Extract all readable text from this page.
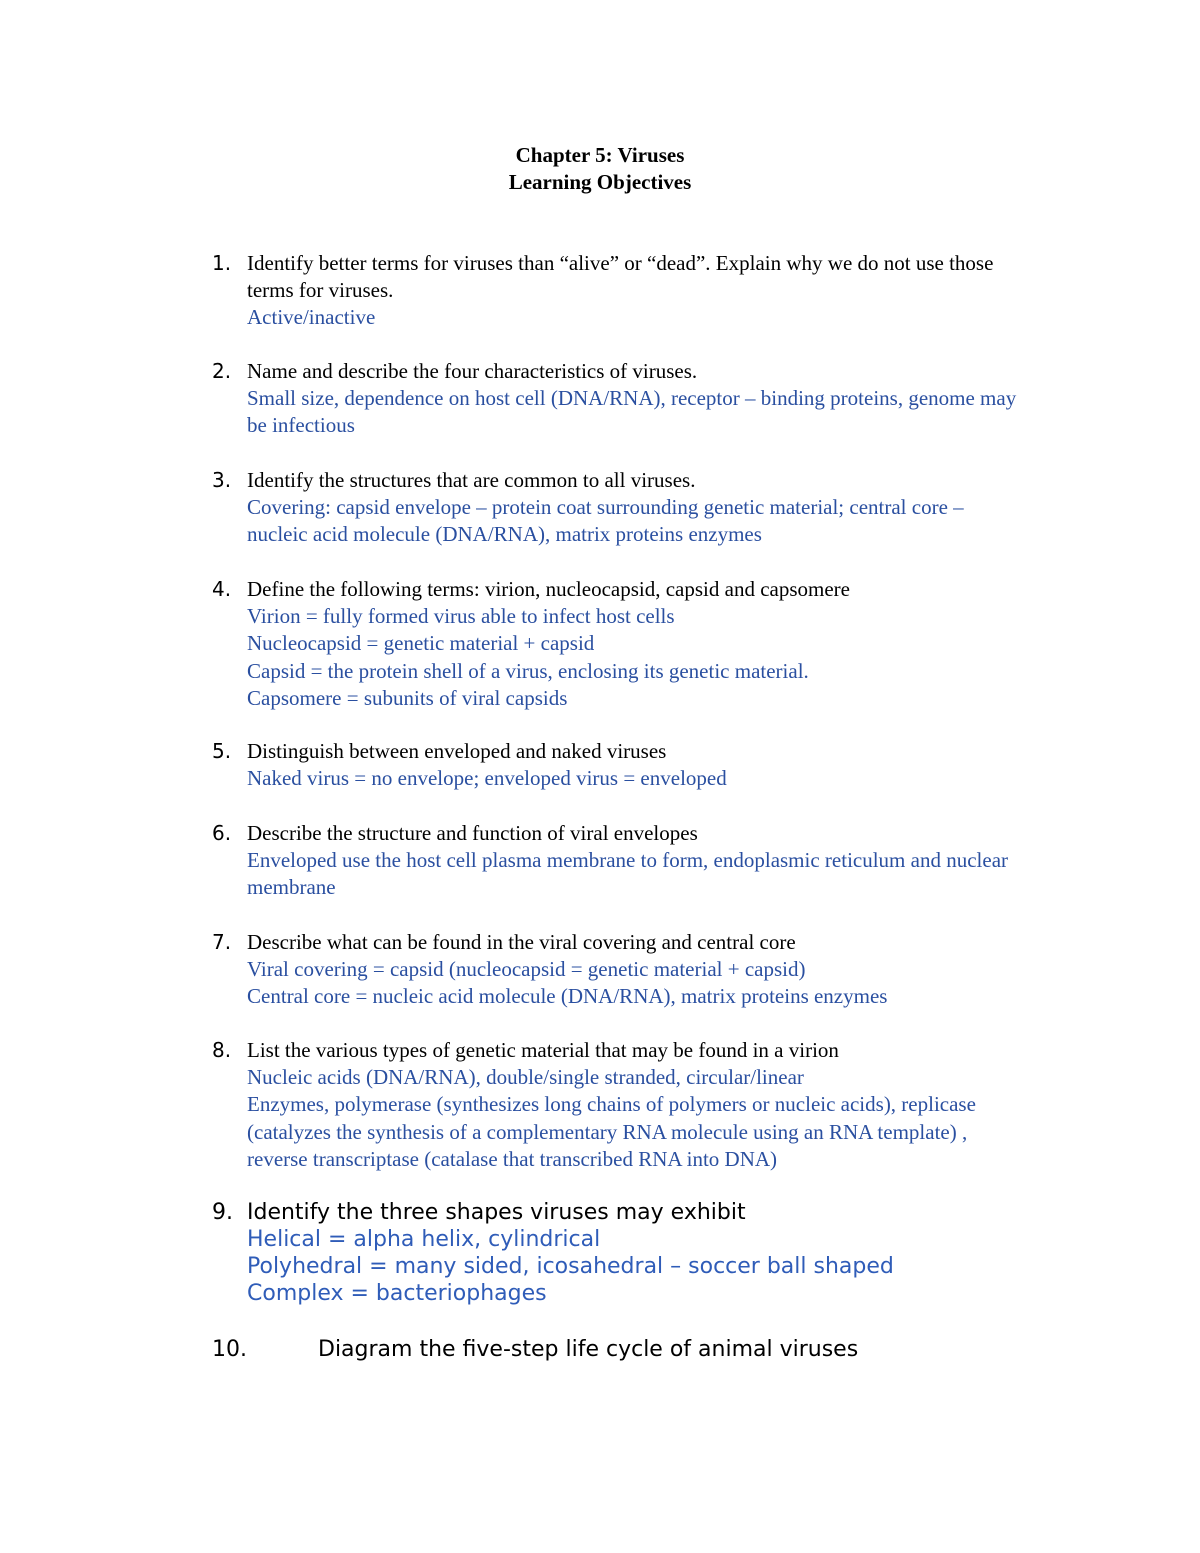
Chapter 5: Viruses
Learning Objectives
1. Identify better terms for viruses than “alive” or “dead”. Explain why we do not use those terms for viruses.
Active/inactive
2. Name and describe the four characteristics of viruses.
Small size, dependence on host cell (DNA/RNA), receptor – binding proteins, genome may be infectious
3. Identify the structures that are common to all viruses.
Covering: capsid envelope – protein coat surrounding genetic material; central core – nucleic acid molecule (DNA/RNA), matrix proteins enzymes
4. Define the following terms: virion, nucleocapsid, capsid and capsomere
Virion = fully formed virus able to infect host cells
Nucleocapsid = genetic material + capsid
Capsid = the protein shell of a virus, enclosing its genetic material.
Capsomere = subunits of viral capsids
5. Distinguish between enveloped and naked viruses
Naked virus = no envelope; enveloped virus = enveloped
6. Describe the structure and function of viral envelopes
Enveloped use the host cell plasma membrane to form, endoplasmic reticulum and nuclear membrane
7. Describe what can be found in the viral covering and central core
Viral covering = capsid (nucleocapsid = genetic material + capsid)
Central core = nucleic acid molecule (DNA/RNA), matrix proteins enzymes
8. List the various types of genetic material that may be found in a virion
Nucleic acids (DNA/RNA), double/single stranded, circular/linear
Enzymes, polymerase (synthesizes long chains of polymers or nucleic acids), replicase (catalyzes the synthesis of a complementary RNA molecule using an RNA template) , reverse transcriptase (catalase that transcribed RNA into DNA)
9. Identify the three shapes viruses may exhibit
Helical = alpha helix, cylindrical
Polyhedral = many sided, icosahedral – soccer ball shaped
Complex = bacteriophages
10.	Diagram the five-step life cycle of animal viruses
